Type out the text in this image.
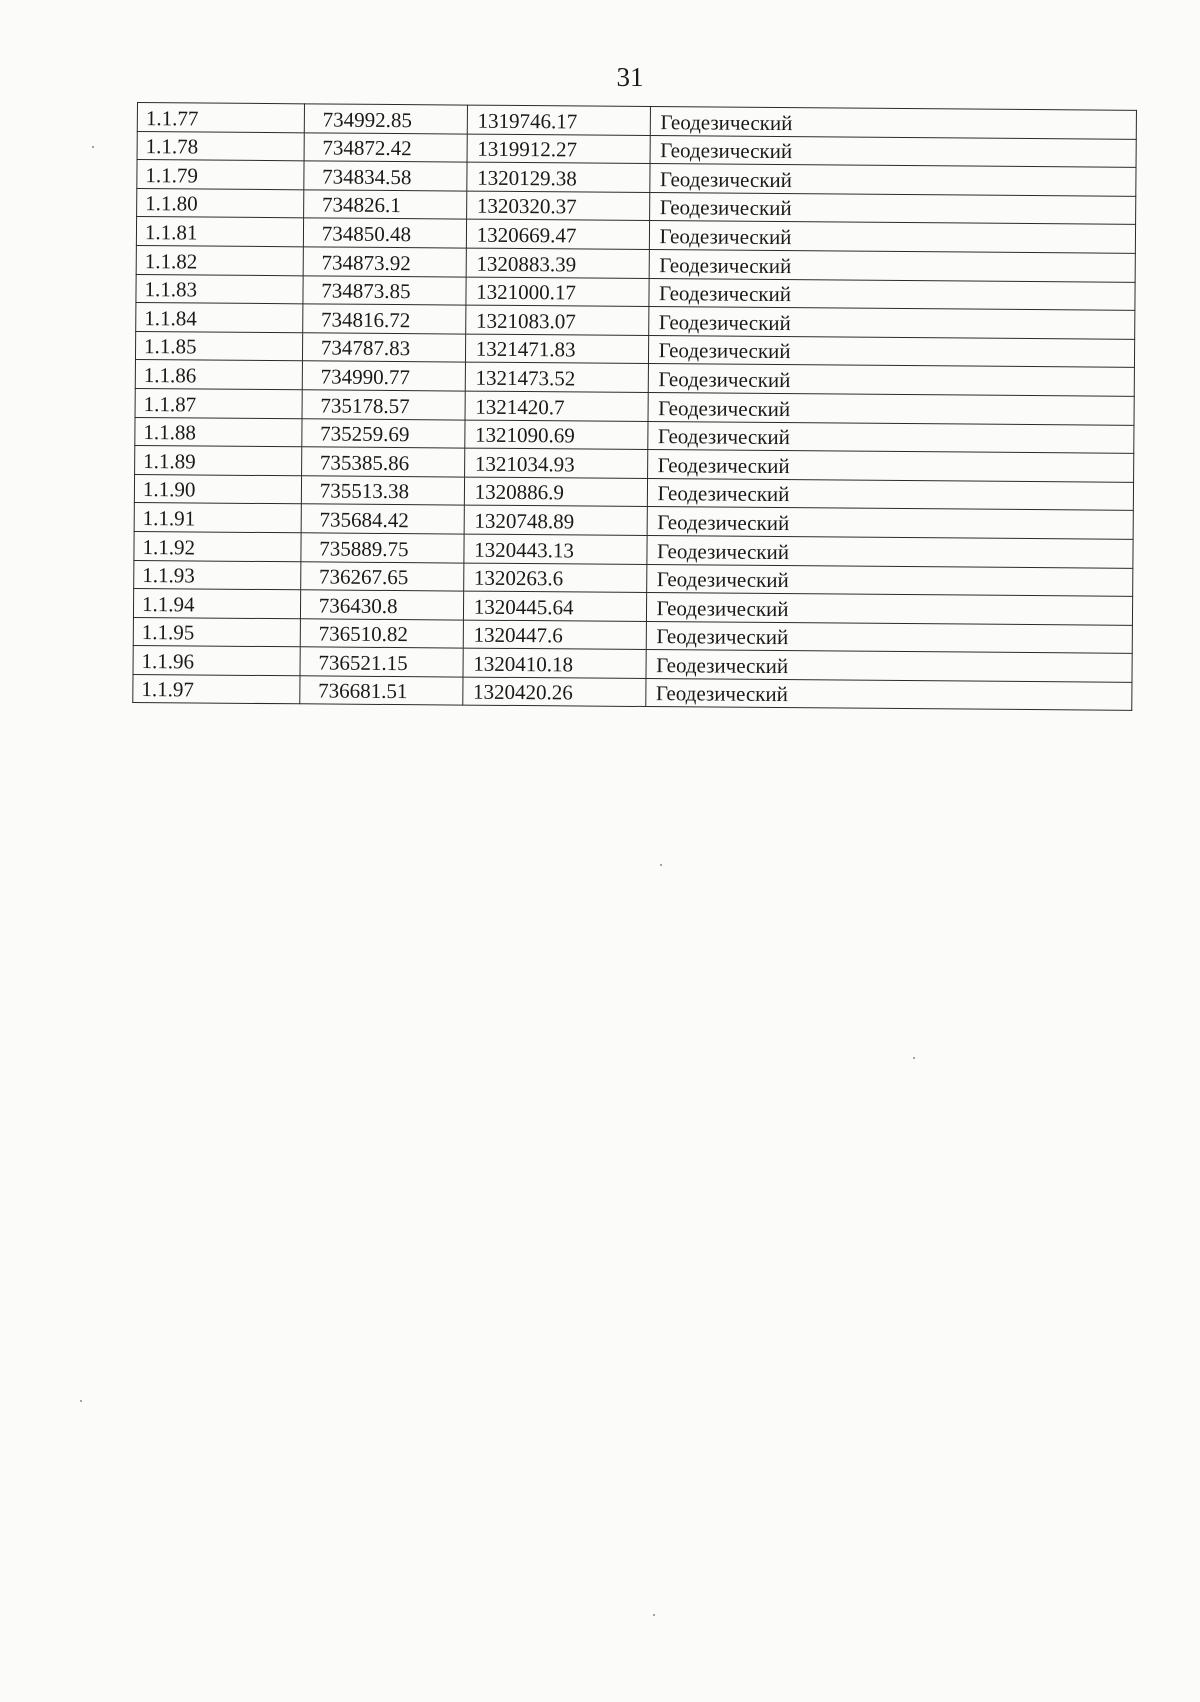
31
1.1.77	734992.85	1319746.17	Геодезический
1.1.78	734872.42	1319912.27	Геодезический
1.1.79	734834.58	1320129.38	Геодезический
1.1.80	734826.1	1320320.37	Геодезический
1.1.81	734850.48	1320669.47	Геодезический
1.1.82	734873.92	1320883.39	Геодезический
1.1.83	734873.85	1321000.17	Геодезический
1.1.84	734816.72	1321083.07	Геодезический
1.1.85	734787.83	1321471.83	Геодезический
1.1.86	734990.77	1321473.52	Геодезический
1.1.87	735178.57	1321420.7	Геодезический
1.1.88	735259.69	1321090.69	Геодезический
1.1.89	735385.86	1321034.93	Геодезический
1.1.90	735513.38	1320886.9	Геодезический
1.1.91	735684.42	1320748.89	Геодезический
1.1.92	735889.75	1320443.13	Геодезический
1.1.93	736267.65	1320263.6	Геодезический
1.1.94	736430.8	1320445.64	Геодезический
1.1.95	736510.82	1320447.6	Геодезический
1.1.96	736521.15	1320410.18	Геодезический
1.1.97	736681.51	1320420.26	Геодезический
